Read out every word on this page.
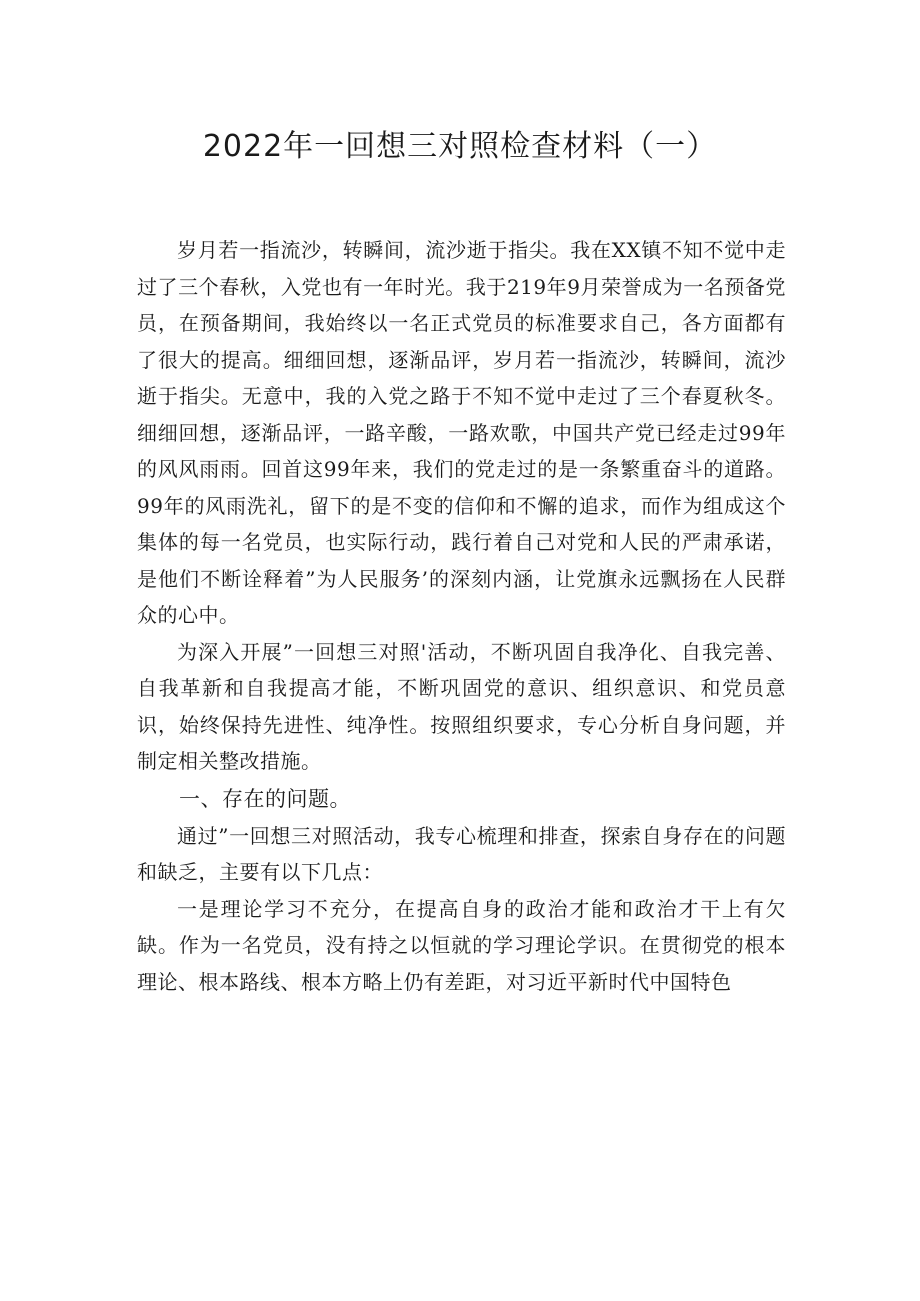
2022年一回想三对照检查材料（一）

岁月若一指流沙，转瞬间，流沙逝于指尖。我在XX镇不知不觉中走过了三个春秋，入党也有一年时光。我于219年9月荣誉成为一名预备党员，在预备期间，我始终以一名正式党员的标准要求自己，各方面都有了很大的提高。细细回想，逐渐品评，岁月若一指流沙，转瞬间，流沙逝于指尖。无意中，我的入党之路于不知不觉中走过了三个春夏秋冬。细细回想，逐渐品评，一路辛酸，一路欢歌，中国共产党已经走过99年的风风雨雨。回首这99年来，我们的党走过的是一条繁重奋斗的道路。99年的风雨洗礼，留下的是不变的信仰和不懈的追求，而作为组成这个集体的每一名党员，也实际行动，践行着自己对党和人民的严肃承诺，是他们不断诠释着”为人民服务’的深刻内涵，让党旗永远飘扬在人民群众的心中。

为深入开展”一回想三对照'活动，不断巩固自我净化、自我完善、自我革新和自我提高才能，不断巩固党的意识、组织意识、和党员意识，始终保持先进性、纯净性。按照组织要求，专心分析自身问题，并制定相关整改措施。

一、存在的问题。

通过”一回想三对照活动，我专心梳理和排查，探索自身存在的问题和缺乏，主要有以下几点：

一是理论学习不充分，在提高自身的政治才能和政治才干上有欠缺。作为一名党员，没有持之以恒就的学习理论学识。在贯彻党的根本理论、根本路线、根本方略上仍有差距，对习近平新时代中国特色
